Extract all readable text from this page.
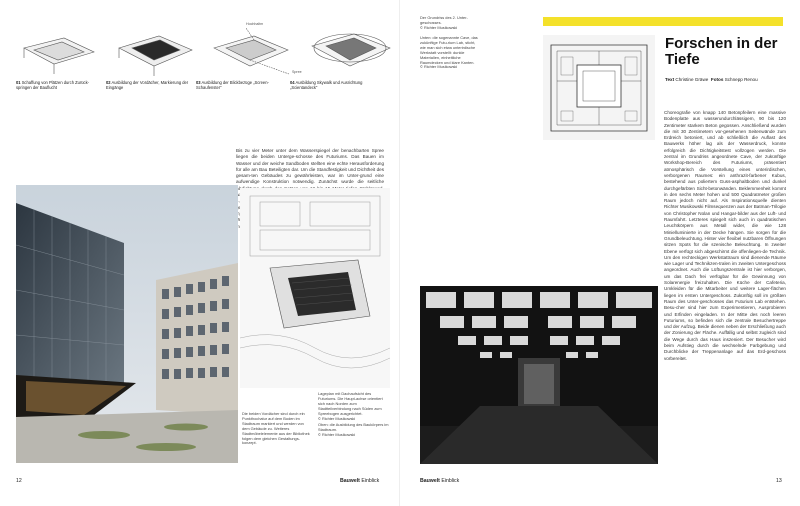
Hochhaltm
Spree
01 Schaffung von Plätzen durch Zurück-springen der Bauflucht
02 Ausbildung der Vordächer, Markierung der Eingänge
03 Ausbildung der Blickbezüge „Screen-Schaufenster“
04 Ausbildung Skywalk und Ausrichtung „Scientandeck“
Bis zu vier Meter unter dem Wasserspiegel der benachbarten Spree liegen die beiden Unterge-schosse des Futuriums. Das Bauen im Wasser und der weiche Sandboden stellten eine echte Herausforderung für alle am Bau Beteiligten dar. Um die Standfestigkeit und Dichtheit des gesam-ten Gebäudes zu gewährleisten, war im Unter-grund eine aufwendige Konstruktion notwendig. Zunächst wurde die seitliche
Lageplan mit Dachaufsicht des Futuriums. Die Haupt-achse orientiert sich nach Norden zum Stadtteilverbindung nach Süden zum Spreebogen ausgerichtet.
© Richter Musikowski
Oben: die Ausbildung des Baukörpers im Stadtraum.
© Richter Musikowski
Die beiden Vordächer sind durch ein Punkthochatur auf dem Boden im Stadtraum markiert und werden von dem Gebäude zu. Weiteres Stadtmöbelelemente aus der Bibliothek folgen dem gleichen Gestaltungs-konzept.
12	Bauwelt Einblick
Der Grundriss des 2. Unter-geschosses.
© Richter Musikowski
Unten: die sogenannte Cave, das zukünftige Futu-rium Lab, sticht, wie man sich etwa unterirdische Werkstatt vorstellt: dunkle Materialien, einheitliche Raumdecken und klare Kanten.
© Richter Musikowski
Forschen in der Tiefe
Text Christine Gräwe Fotos Schnepp Renou
Choreografie von knapp 140 Betonpfeilern eine massive Bodenplatte aus wasserundurchlässigem, 90 bis 120 Zentimeter starkem Beton gegossen. Anschließend wurden die mit 30 Zentimetern vor-gesehenen Seitenwände zum Erdreich betoniert, und ab schließlich die Auflast des Bauwerks höher lag als der Wasserdruck, konnte erfolgreich die Dichtigkeitstest vollzogen werden. Die zentral im Grundriss angeordnete Cave, der zukünftige Workshop-Bereich des Futuriums, präsentiert atmosphärisch die Vorstellung eines unterirdischen, verborgenen Raumes: ein anthrazit-farbener Kubus, bestehend aus poliertem Guss-asphaltboden und dunkel durchgefärbten Sicht-betonwänden. Beklemmenheit kommt in den sechs Meter hohen und 500 Quadratmeter großen Raum jedoch nicht auf. Als Inspirationsquelle dienten Richter Musikowski Filmsequenzen aus der Batman-Trilogie von Christopher Nolan und Hangar-bilder aus der Luft- und Raumfahrt. Letzteres spiegelt sich auch in quadratischen Leuchtkörpern aus Metall wider, die wie 128 Minielluminierte in der Decke hängen. Sie sorgen für die Grundbeleuchtung. Hinter vier flexibel nutzbaren Öffnungen sitzen Spots für die szenische Beleuchtung. In zweiter Ebene verfügt sich abgeschirmt die offenliegen-de Technik. Um den rechteckigen Werkstattraum sind dienende Räume wie Lager und Technikzen-tralen im zweiten Untergeschoss angeordnet. Auch die Lüftungszentrale ist hier verborgen, um das Dach frei verfügbar für die Gewinnung von Solarenergie freizuhalten. Die Küche der Cafeteria, Umkleiden für die Mitarbeiter und weitere Lager-flächen liegen im ersten Untergeschoss. Zukünftig soll im größten Raum des Unter-geschosses das Futurium Lab entstehen. Besu-cher sind hier zum Experimentieren, Ausprobieren und Erfinden eingeladen. In der Mitte des noch leeren Futuriums, so befinden sich die zentrale Besuchertreppe und der Aufzug. Beide dienen neben der Erschließung auch der Zonierung der Fläche. Auffällig und selbst zugleich sind die Wege durch das Haus inszeniert. Der Besucher wird beim Aufstieg durch die wechselnde Farbgebung und Durchblicke der Treppenanlage auf das Erd-geschoss vorbereitet.
Bauwelt Einblick	13
